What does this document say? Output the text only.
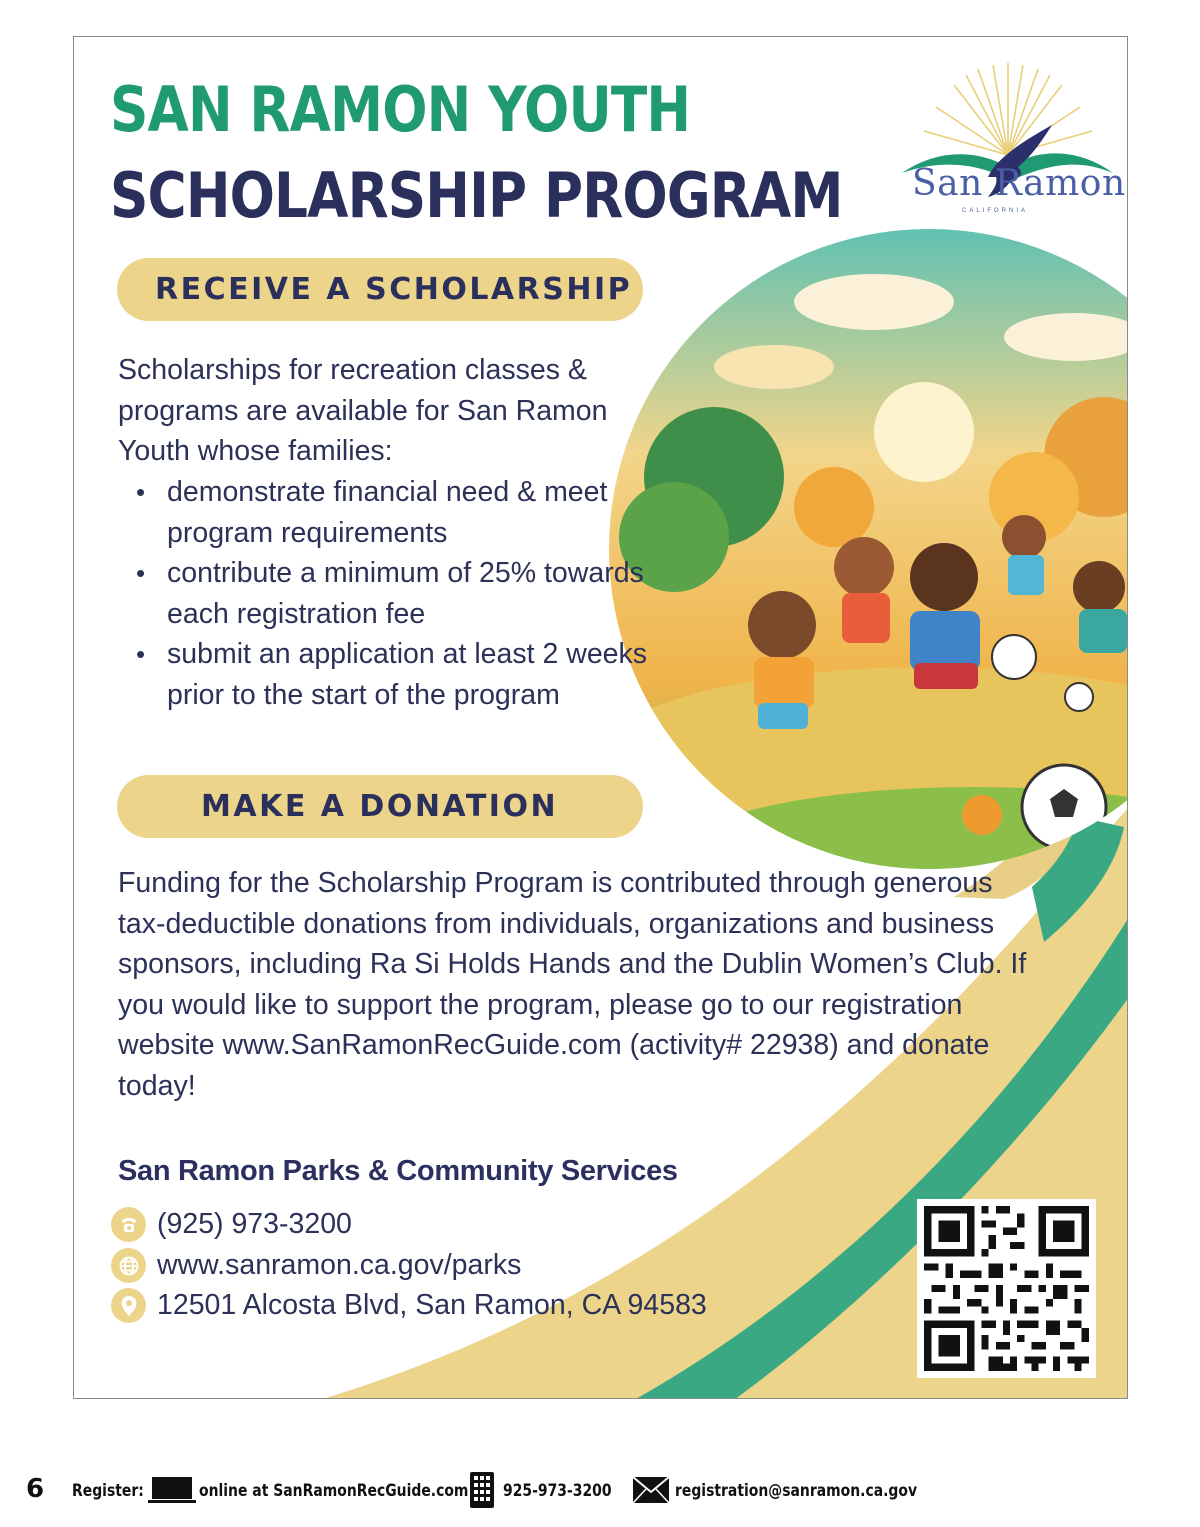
SAN RAMON YOUTH
SCHOLARSHIP PROGRAM San Ramon
CALIFORNIA
RECEIVE A SCHOLARSHIP
Scholarships for recreation classes & programs are available for San Ramon Youth whose families:
• demonstrate financial need & meet program requirements
• contribute a minimum of 25% towards each registration fee
• submit an application at least 2 weeks prior to the start of the program
MAKE A DONATION
Funding for the Scholarship Program is contributed through generous tax-deductible donations from individuals, organizations and business sponsors, including Ra Si Holds Hands and the Dublin Women’s Club. If you would like to support the program, please go to our registration website www.SanRamonRecGuide.com (activity# 22938) and donate today!
San Ramon Parks & Community Services
(925) 973-3200
www.sanramon.ca.gov/parks
12501 Alcosta Blvd, San Ramon, CA 94583
6 Register:	online at SanRamonRecGuide.com 925-973-3200	registration@sanramon.ca.gov
